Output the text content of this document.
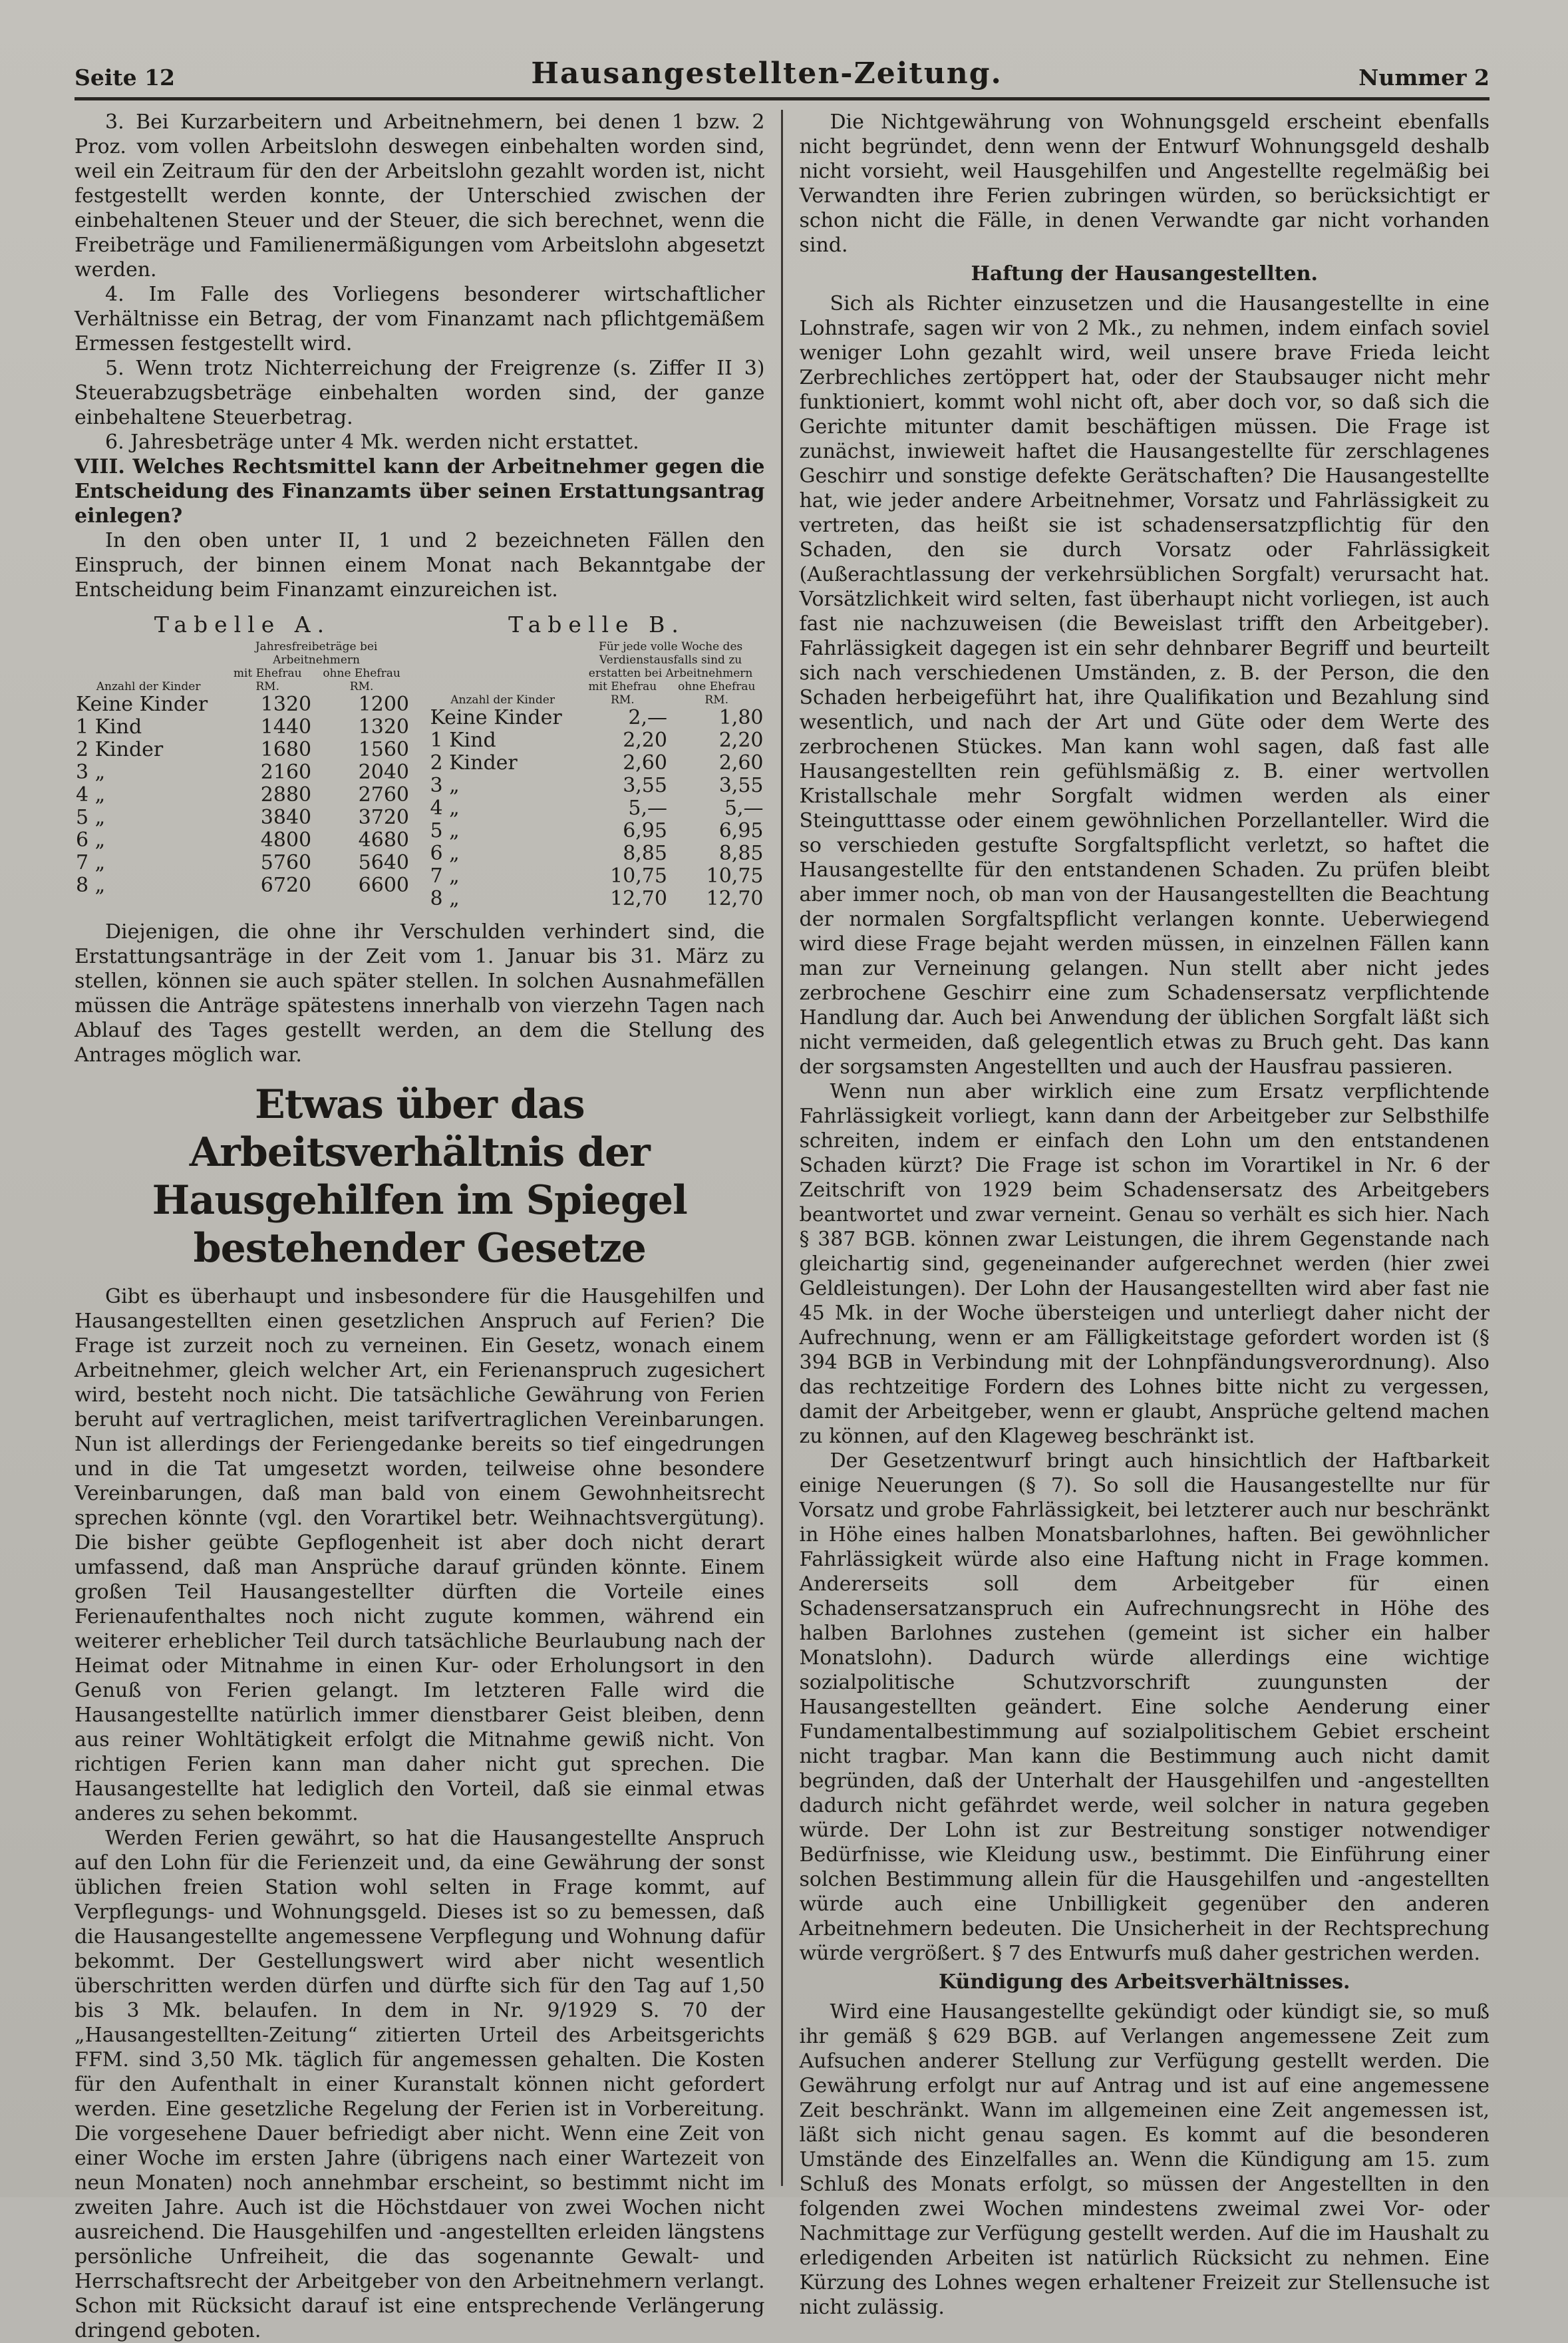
Seite 12	Hausangestellten-Zeitung.	Nummer 2

3. Bei Kurzarbeitern und Arbeitnehmern, bei denen 1 bzw. 2 Proz. vom vollen Arbeitslohn deswegen einbehalten worden sind, weil ein Zeitraum für den der Arbeitslohn gezahlt worden ist, nicht festgestellt werden konnte, der Unterschied zwischen der einbehaltenen Steuer und der Steuer, die sich berechnet, wenn die Freibeträge und Familienermäßigungen vom Arbeitslohn abgesetzt werden.

4. Im Falle des Vorliegens besonderer wirtschaftlicher Verhältnisse ein Betrag, der vom Finanzamt nach pflichtgemäßem Ermessen festgestellt wird.

5. Wenn trotz Nichterreichung der Freigrenze (s. Ziffer II 3) Steuerabzugsbeträge einbehalten worden sind, der ganze einbehaltene Steuerbetrag.

6. Jahresbeträge unter 4 Mk. werden nicht erstattet.

VIII. Welches Rechtsmittel kann der Arbeitnehmer gegen die Entscheidung des Finanzamts über seinen Erstattungsantrag einlegen?

In den oben unter II, 1 und 2 bezeichneten Fällen den Einspruch, der binnen einem Monat nach Bekanntgabe der Entscheidung beim Finanzamt einzureichen ist.

Tabelle A.
Anzahl der Kinder	Jahresfreibeträge bei Arbeitnehmern	
	mit Ehefrau RM.	ohne Ehefrau RM.
Keine Kinder	1320	1200
1 Kind	1440	1320
2 Kinder	1680	1560
3 „	2160	2040
4 „	2880	2760
5 „	3840	3720
6 „	4800	4680
7 „	5760	5640
8 „	6720	6600
Tabelle B.
Anzahl der Kinder	Für jede volle Woche des Verdienstausfalls sind zu erstatten bei Arbeitnehmern	
	mit Ehefrau RM.	ohne Ehefrau RM.
Keine Kinder	2,—	1,80
1 Kind	2,20	2,20
2 Kinder	2,60	2,60
3 „	3,55	3,55
4 „	5,—	5,—
5 „	6,95	6,95
6 „	8,85	8,85
7 „	10,75	10,75
8 „	12,70	12,70

Diejenigen, die ohne ihr Verschulden verhindert sind, die Erstattungsanträge in der Zeit vom 1. Januar bis 31. März zu stellen, können sie auch später stellen. In solchen Ausnahmefällen müssen die Anträge spätestens innerhalb von vierzehn Tagen nach Ablauf des Tages gestellt werden, an dem die Stellung des Antrages möglich war.

Etwas über das Arbeitsverhältnis der Hausgehilfen im Spiegel bestehender Gesetze

Gibt es überhaupt und insbesondere für die Hausgehilfen und Hausangestellten einen gesetzlichen Anspruch auf Ferien? Die Frage ist zurzeit noch zu verneinen. Ein Gesetz, wonach einem Arbeitnehmer, gleich welcher Art, ein Ferienanspruch zugesichert wird, besteht noch nicht. Die tatsächliche Gewährung von Ferien beruht auf vertraglichen, meist tarifvertraglichen Vereinbarungen. Nun ist allerdings der Feriengedanke bereits so tief eingedrungen und in die Tat umgesetzt worden, teilweise ohne besondere Vereinbarungen, daß man bald von einem Gewohnheitsrecht sprechen könnte (vgl. den Vorartikel betr. Weihnachtsvergütung). Die bisher geübte Gepflogenheit ist aber doch nicht derart umfassend, daß man Ansprüche darauf gründen könnte. Einem großen Teil Hausangestellter dürften die Vorteile eines Ferienaufenthaltes noch nicht zugute kommen, während ein weiterer erheblicher Teil durch tatsächliche Beurlaubung nach der Heimat oder Mitnahme in einen Kur- oder Erholungsort in den Genuß von Ferien gelangt. Im letzteren Falle wird die Hausangestellte natürlich immer dienstbarer Geist bleiben, denn aus reiner Wohltätigkeit erfolgt die Mitnahme gewiß nicht. Von richtigen Ferien kann man daher nicht gut sprechen. Die Hausangestellte hat lediglich den Vorteil, daß sie einmal etwas anderes zu sehen bekommt.

Werden Ferien gewährt, so hat die Hausangestellte Anspruch auf den Lohn für die Ferienzeit und, da eine Gewährung der sonst üblichen freien Station wohl selten in Frage kommt, auf Verpflegungs- und Wohnungsgeld. Dieses ist so zu bemessen, daß die Hausangestellte angemessene Verpflegung und Wohnung dafür bekommt. Der Gestellungswert wird aber nicht wesentlich überschritten werden dürfen und dürfte sich für den Tag auf 1,50 bis 3 Mk. belaufen. In dem in Nr. 9/1929 S. 70 der „Hausangestellten-Zeitung“ zitierten Urteil des Arbeitsgerichts FFM. sind 3,50 Mk. täglich für angemessen gehalten. Die Kosten für den Aufenthalt in einer Kuranstalt können nicht gefordert werden. Eine gesetzliche Regelung der Ferien ist in Vorbereitung. Die vorgesehene Dauer befriedigt aber nicht. Wenn eine Zeit von einer Woche im ersten Jahre (übrigens nach einer Wartezeit von neun Monaten) noch annehmbar erscheint, so bestimmt nicht im zweiten Jahre. Auch ist die Höchstdauer von zwei Wochen nicht ausreichend. Die Hausgehilfen und -angestellten erleiden längstens persönliche Unfreiheit, die das sogenannte Gewalt- und Herrschaftsrecht der Arbeitgeber von den Arbeitnehmern verlangt. Schon mit Rücksicht darauf ist eine entsprechende Verlängerung dringend geboten.

Die Nichtgewährung von Wohnungsgeld erscheint ebenfalls nicht begründet, denn wenn der Entwurf Wohnungsgeld deshalb nicht vorsieht, weil Hausgehilfen und Angestellte regelmäßig bei Verwandten ihre Ferien zubringen würden, so berücksichtigt er schon nicht die Fälle, in denen Verwandte gar nicht vorhanden sind.

Haftung der Hausangestellten.

Sich als Richter einzusetzen und die Hausangestellte in eine Lohnstrafe, sagen wir von 2 Mk., zu nehmen, indem einfach soviel weniger Lohn gezahlt wird, weil unsere brave Frieda leicht Zerbrechliches zertöppert hat, oder der Staubsauger nicht mehr funktioniert, kommt wohl nicht oft, aber doch vor, so daß sich die Gerichte mitunter damit beschäftigen müssen. Die Frage ist zunächst, inwieweit haftet die Hausangestellte für zerschlagenes Geschirr und sonstige defekte Gerätschaften? Die Hausangestellte hat, wie jeder andere Arbeitnehmer, Vorsatz und Fahrlässigkeit zu vertreten, das heißt sie ist schadensersatzpflichtig für den Schaden, den sie durch Vorsatz oder Fahrlässigkeit (Außerachtlassung der verkehrsüblichen Sorgfalt) verursacht hat. Vorsätzlichkeit wird selten, fast überhaupt nicht vorliegen, ist auch fast nie nachzuweisen (die Beweislast trifft den Arbeitgeber). Fahrlässigkeit dagegen ist ein sehr dehnbarer Begriff und beurteilt sich nach verschiedenen Umständen, z. B. der Person, die den Schaden herbeigeführt hat, ihre Qualifikation und Bezahlung sind wesentlich, und nach der Art und Güte oder dem Werte des zerbrochenen Stückes. Man kann wohl sagen, daß fast alle Hausangestellten rein gefühlsmäßig z. B. einer wertvollen Kristallschale mehr Sorgfalt widmen werden als einer Steingutttasse oder einem gewöhnlichen Porzellanteller. Wird die so verschieden gestufte Sorgfaltspflicht verletzt, so haftet die Hausangestellte für den entstandenen Schaden. Zu prüfen bleibt aber immer noch, ob man von der Hausangestellten die Beachtung der normalen Sorgfaltspflicht verlangen konnte. Ueberwiegend wird diese Frage bejaht werden müssen, in einzelnen Fällen kann man zur Verneinung gelangen. Nun stellt aber nicht jedes zerbrochene Geschirr eine zum Schadensersatz verpflichtende Handlung dar. Auch bei Anwendung der üblichen Sorgfalt läßt sich nicht vermeiden, daß gelegentlich etwas zu Bruch geht. Das kann der sorgsamsten Angestellten und auch der Hausfrau passieren.

Wenn nun aber wirklich eine zum Ersatz verpflichtende Fahrlässigkeit vorliegt, kann dann der Arbeitgeber zur Selbsthilfe schreiten, indem er einfach den Lohn um den entstandenen Schaden kürzt? Die Frage ist schon im Vorartikel in Nr. 6 der Zeitschrift von 1929 beim Schadensersatz des Arbeitgebers beantwortet und zwar verneint. Genau so verhält es sich hier. Nach § 387 BGB. können zwar Leistungen, die ihrem Gegenstande nach gleichartig sind, gegeneinander aufgerechnet werden (hier zwei Geldleistungen). Der Lohn der Hausangestellten wird aber fast nie 45 Mk. in der Woche übersteigen und unterliegt daher nicht der Aufrechnung, wenn er am Fälligkeitstage gefordert worden ist (§ 394 BGB in Verbindung mit der Lohnpfändungsverordnung). Also das rechtzeitige Fordern des Lohnes bitte nicht zu vergessen, damit der Arbeitgeber, wenn er glaubt, Ansprüche geltend machen zu können, auf den Klageweg beschränkt ist.

Der Gesetzentwurf bringt auch hinsichtlich der Haftbarkeit einige Neuerungen (§ 7). So soll die Hausangestellte nur für Vorsatz und grobe Fahrlässigkeit, bei letzterer auch nur beschränkt in Höhe eines halben Monatsbarlohnes, haften. Bei gewöhnlicher Fahrlässigkeit würde also eine Haftung nicht in Frage kommen. Andererseits soll dem Arbeitgeber für einen Schadensersatzanspruch ein Aufrechnungsrecht in Höhe des halben Barlohnes zustehen (gemeint ist sicher ein halber Monatslohn). Dadurch würde allerdings eine wichtige sozialpolitische Schutzvorschrift zuungunsten der Hausangestellten geändert. Eine solche Aenderung einer Fundamentalbestimmung auf sozialpolitischem Gebiet erscheint nicht tragbar. Man kann die Bestimmung auch nicht damit begründen, daß der Unterhalt der Hausgehilfen und -angestellten dadurch nicht gefährdet werde, weil solcher in natura gegeben würde. Der Lohn ist zur Bestreitung sonstiger notwendiger Bedürfnisse, wie Kleidung usw., bestimmt. Die Einführung einer solchen Bestimmung allein für die Hausgehilfen und -angestellten würde auch eine Unbilligkeit gegenüber den anderen Arbeitnehmern bedeuten. Die Unsicherheit in der Rechtsprechung würde vergrößert. § 7 des Entwurfs muß daher gestrichen werden.

Kündigung des Arbeitsverhältnisses.

Wird eine Hausangestellte gekündigt oder kündigt sie, so muß ihr gemäß § 629 BGB. auf Verlangen angemessene Zeit zum Aufsuchen anderer Stellung zur Verfügung gestellt werden. Die Gewährung erfolgt nur auf Antrag und ist auf eine angemessene Zeit beschränkt. Wann im allgemeinen eine Zeit angemessen ist, läßt sich nicht genau sagen. Es kommt auf die besonderen Umstände des Einzelfalles an. Wenn die Kündigung am 15. zum Schluß des Monats erfolgt, so müssen der Angestellten in den folgenden zwei Wochen mindestens zweimal zwei Vor- oder Nachmittage zur Verfügung gestellt werden. Auf die im Haushalt zu erledigenden Arbeiten ist natürlich Rücksicht zu nehmen. Eine Kürzung des Lohnes wegen erhaltener Freizeit zur Stellensuche ist nicht zulässig.
